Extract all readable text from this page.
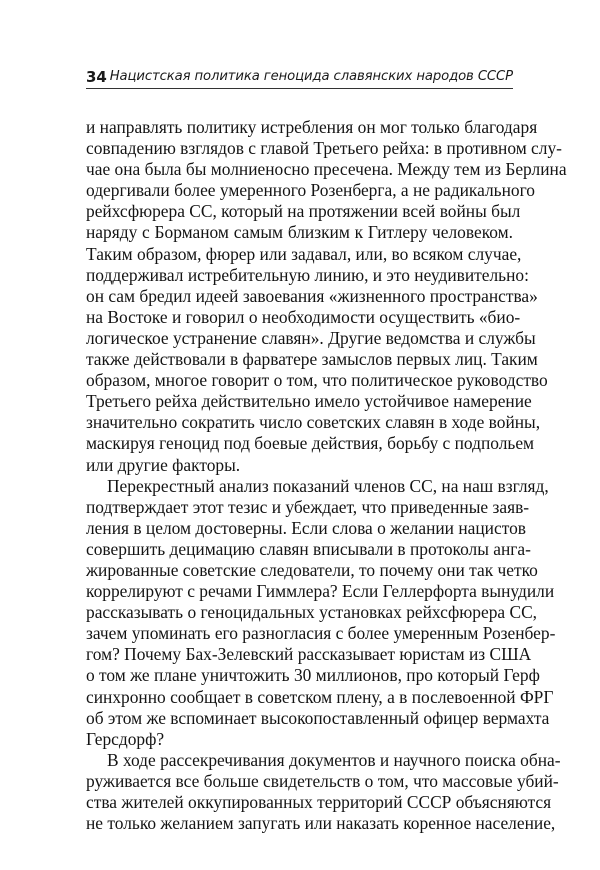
34 Нацистская политика геноцида славянских народов СССР
и направлять политику истребления он мог только благодаря
совпадению взглядов с главой Третьего рейха: в противном слу-
чае она была бы молниеносно пресечена. Между тем из Берлина
одергивали более умеренного Розенберга, а не радикального
рейхсфюрера СС, который на протяжении всей войны был
наряду с Борманом самым близким к Гитлеру человеком.
Таким образом, фюрер или задавал, или, во всяком случае,
поддерживал истребительную линию, и это неудивительно:
он сам бредил идеей завоевания «жизненного пространства»
на Востоке и говорил о необходимости осуществить «био-
логическое устранение славян». Другие ведомства и службы
также действовали в фарватере замыслов первых лиц. Таким
образом, многое говорит о том, что политическое руководство
Третьего рейха действительно имело устойчивое намерение
значительно сократить число советских славян в ходе войны,
маскируя геноцид под боевые действия, борьбу с подпольем
или другие факторы.
Перекрестный анализ показаний членов СС, на наш взгляд,
подтверждает этот тезис и убеждает, что приведенные заяв-
ления в целом достоверны. Если слова о желании нацистов
совершить децимацию славян вписывали в протоколы анга-
жированные советские следователи, то почему они так четко
коррелируют с речами Гиммлера? Если Геллерфорта вынудили
рассказывать о геноцидальных установках рейхсфюрера СС,
зачем упоминать его разногласия с более умеренным Розенбер-
гом? Почему Бах-Зелевский рассказывает юристам из США
о том же плане уничтожить 30 миллионов, про который Герф
синхронно сообщает в советском плену, а в послевоенной ФРГ
об этом же вспоминает высокопоставленный офицер вермахта
Герсдорф?
В ходе рассекречивания документов и научного поиска обна-
руживается все больше свидетельств о том, что массовые убий-
ства жителей оккупированных территорий СССР объясняются
не только желанием запугать или наказать коренное население,
